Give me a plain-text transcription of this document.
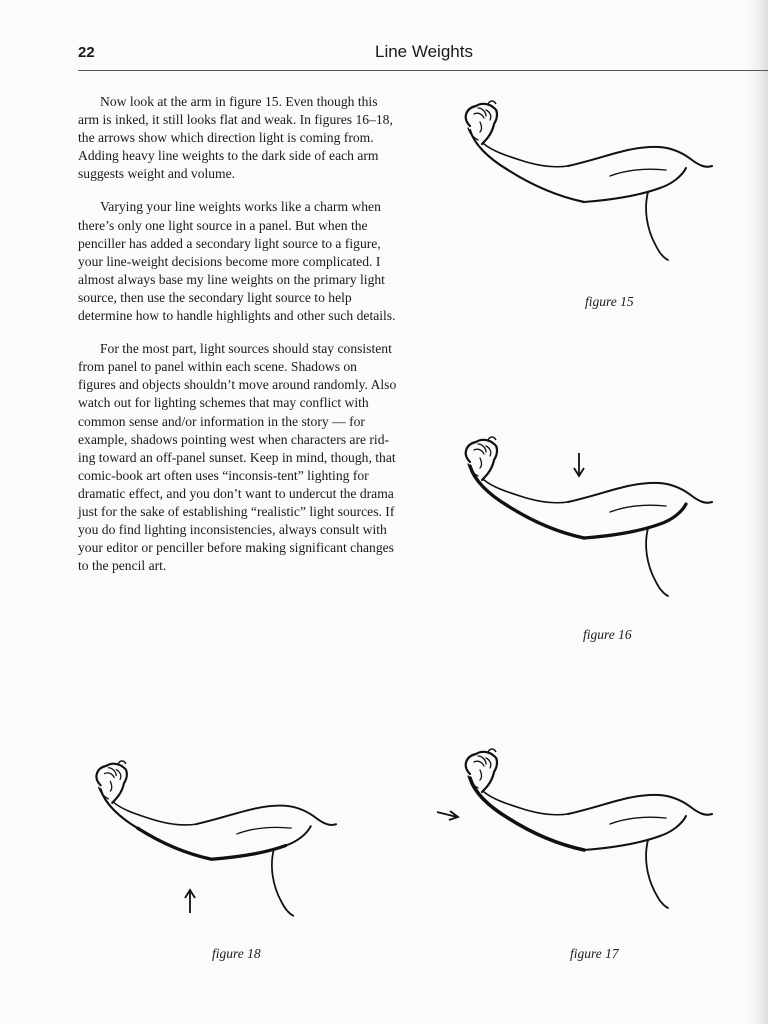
22	Line Weights

Now look at the arm in figure 15. Even though this arm is inked, it still looks flat and weak. In figures 16–18, the arrows show which direction light is coming from. Adding heavy line weights to the dark side of each arm suggests weight and volume.

Varying your line weights works like a charm when there’s only one light source in a panel. But when the penciller has added a secondary light source to a figure, your line-weight decisions become more complicated. I almost always base my line weights on the primary light source, then use the secondary light source to help determine how to handle highlights and other such details.

For the most part, light sources should stay consistent from panel to panel within each scene. Shadows on figures and objects shouldn’t move around randomly. Also watch out for lighting schemes that may conflict with common sense and/or information in the story — for example, shadows pointing west when characters are rid-ing toward an off-panel sunset. Keep in mind, though, that comic-book art often uses “inconsis-tent” lighting for dramatic effect, and you don’t want to undercut the drama just for the sake of establishing “realistic” light sources. If you do find lighting inconsistencies, always consult with your editor or penciller before making significant changes to the pencil art.

figure 15
figure 16
figure 18	figure 17
